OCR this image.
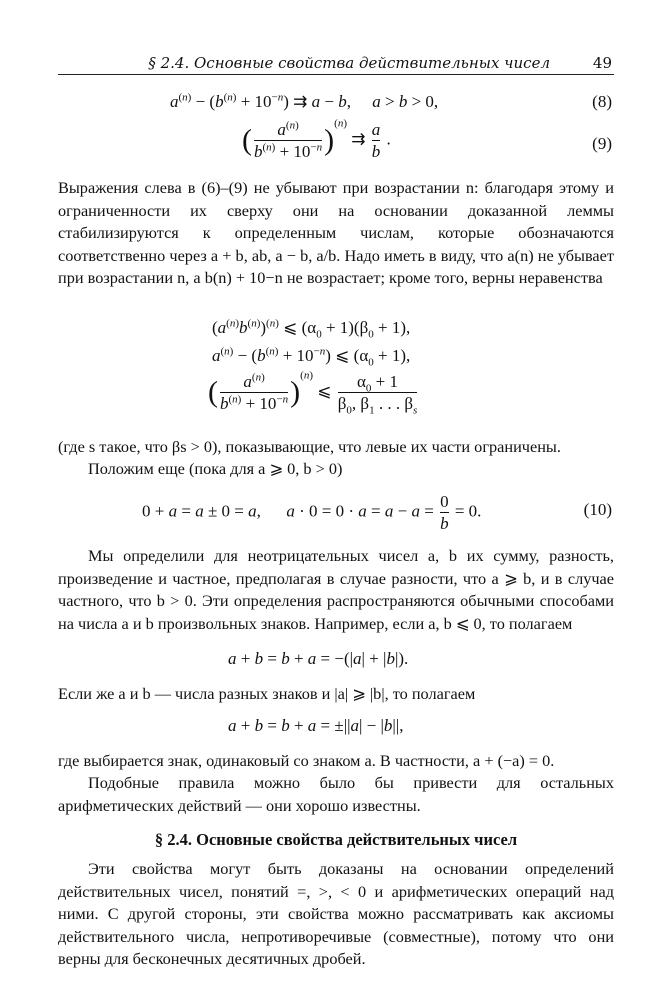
§ 2.4. Основные свойства действительных чисел	49
$a^{(n)} - (b^{(n)} + 10^{-n})$ ⇉ a − b,     a > b > 0,	(8)
( $\frac{a^{(n)}}{b^{(n)} + 10^{-n}} )^{(n)}$ ⇉ $\frac{a}{b}$ .	(9)

Выражения слева в (6)–(9) не убывают при возрастании n: благодаря этому и ограниченности их сверху они на основании доказанной леммы стабилизируются к определенным числам, которые обозначаются соответственно через a + b, ab, a − b, a/b. Надо иметь в виду, что a(n) не убывает при возрастании n, а b(n) + 10−n не возрастает; кроме того, верны неравенства

$(a^{(n)}b^{(n)})^{(n)}$ ⩽ $(\alpha_0 + 1)(\beta_0 + 1)$,
$a^{(n)} - (b^{(n)} + 10^{-n})$ ⩽ $(\alpha_0 + 1)$,
( $\frac{a^{(n)}}{b^{(n)} + 10^{-n}} )^{(n)}$ ⩽ $\frac{\alpha_0 + 1}{\beta_0, \beta_1 . . . \beta_s}$

(где s такое, что βs > 0), показывающие, что левые их части ограничены.

Положим еще (пока для a ⩾ 0, b > 0)

0 + a = a ± 0 = a,      $a \cdot 0 = 0 \cdot a = a - a = \frac{0}{b} = 0$.	(10)

Мы определили для неотрицательных чисел a, b их сумму, разность, произведение и частное, предполагая в случае разности, что a ⩾ b, и в случае частного, что b > 0. Эти определения распространяются обычными способами на числа a и b произвольных знаков. Например, если a, b ⩽ 0, то полагаем

a + b = b + a = −(|a| + |b|).

Если же a и b — числа разных знаков и |a| ⩾ |b|, то полагаем

a + b = b + a = ±||a| − |b||,

где выбирается знак, одинаковый со знаком a. В частности, a + (−a) = 0.

Подобные правила можно было бы привести для остальных арифметических действий — они хорошо известны.

§ 2.4. Основные свойства действительных чисел

Эти свойства могут быть доказаны на основании определений действительных чисел, понятий =, >, < 0 и арифметических операций над ними. С другой стороны, эти свойства можно рассматривать как аксиомы действительного числа, непротиворечивые (совместные), потому что они верны для бесконечных десятичных дробей.
